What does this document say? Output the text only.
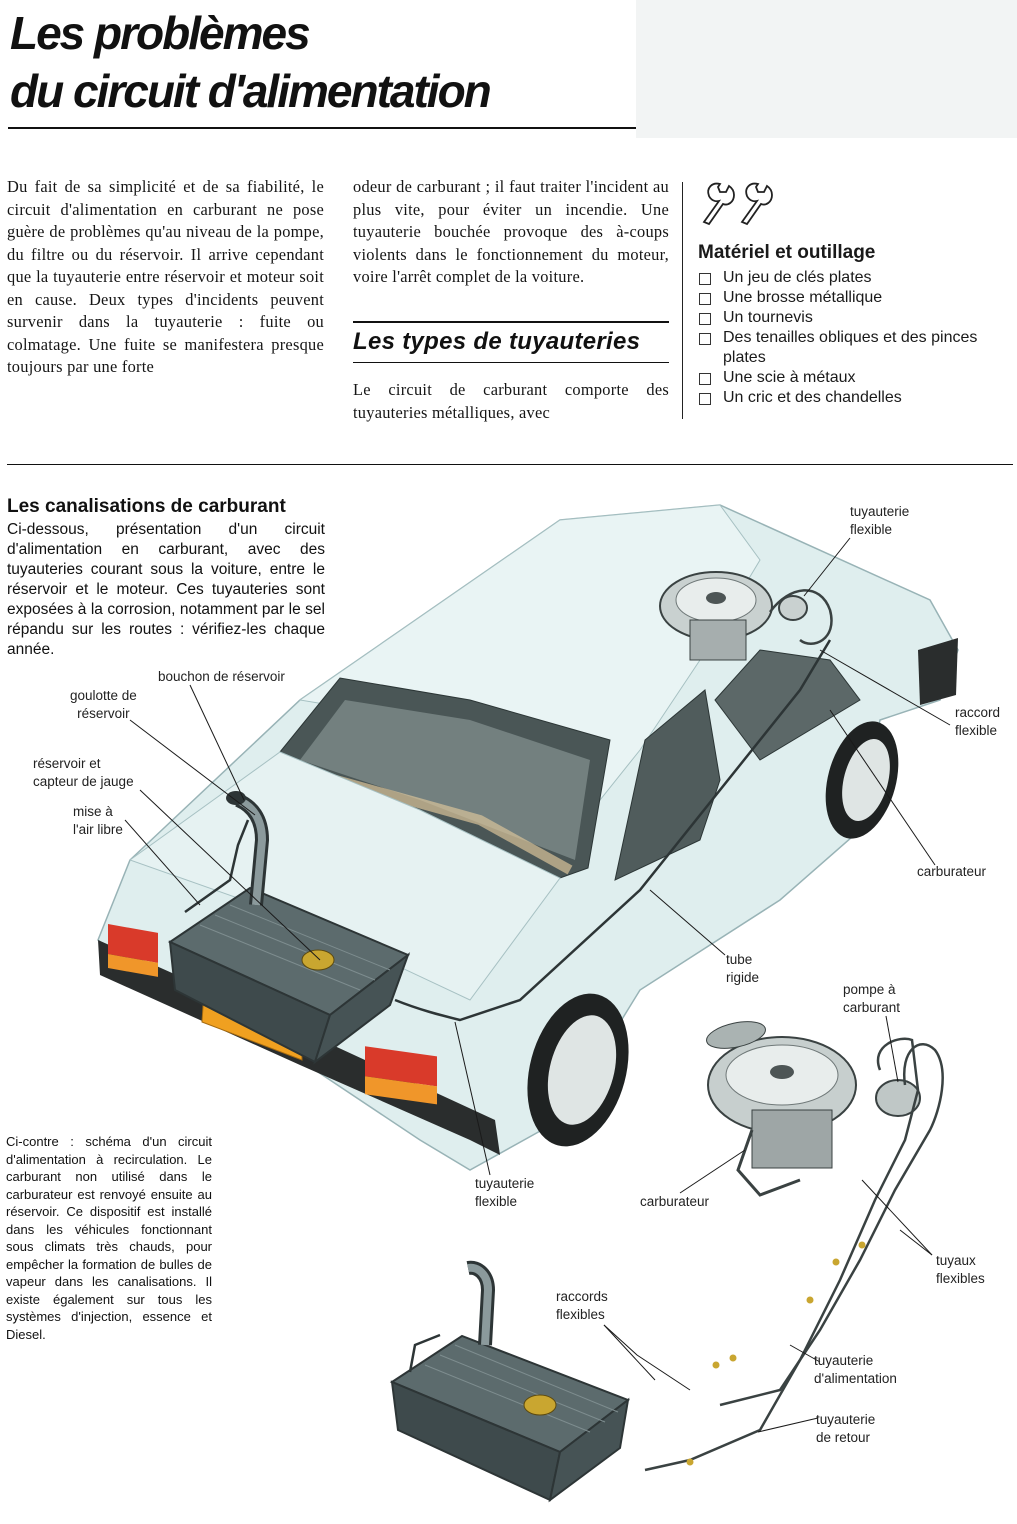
Les problèmes
du circuit d'alimentation
Du fait de sa simplicité et de sa fiabilité, le circuit d'alimentation en carburant ne pose guère de problèmes qu'au niveau de la pompe, du filtre ou du réservoir. Il arrive cependant que la tuyauterie entre réservoir et moteur soit en cause. Deux types d'incidents peuvent survenir dans la tuyauterie : fuite ou colmatage. Une fuite se manifestera presque toujours par une forte
odeur de carburant ; il faut traiter l'incident au plus vite, pour éviter un incendie. Une tuyauterie bouchée provoque des à-coups violents dans le fonctionnement du moteur, voire l'arrêt complet de la voiture.
Les types de tuyauteries
Le circuit de carburant comporte des tuyauteries métalliques, avec
Matériel et outillage
Un jeu de clés plates
Une brosse métallique
Un tournevis
Des tenailles obliques et des pinces plates
Une scie à métaux
Un cric et des chandelles
Les canalisations de carburant
Ci-dessous, présentation d'un circuit d'alimentation en carburant, avec des tuyauteries courant sous la voiture, entre le réservoir et le moteur. Ces tuyauteries sont exposées à la corrosion, notamment par le sel répandu sur les routes : vérifiez-les chaque année.
tuyauterie
flexible
bouchon de réservoir
goulotte de
réservoir
réservoir et
capteur de jauge
mise à
l'air libre
raccord
flexible
carburateur
tube
rigide
pompe à
carburant
tuyauterie
flexible	carburateur
tuyaux
flexibles
raccords
flexibles
tuyauterie
d'alimentation
tuyauterie
de retour
Ci-contre : schéma d'un circuit d'alimentation à recirculation. Le carburant non utilisé dans le carburateur est renvoyé ensuite au réservoir. Ce dispositif est installé dans les véhicules fonctionnant sous climats très chauds, pour empêcher la formation de bulles de vapeur dans les canalisations. Il existe également sur tous les systèmes d'injection, essence et Diesel.
